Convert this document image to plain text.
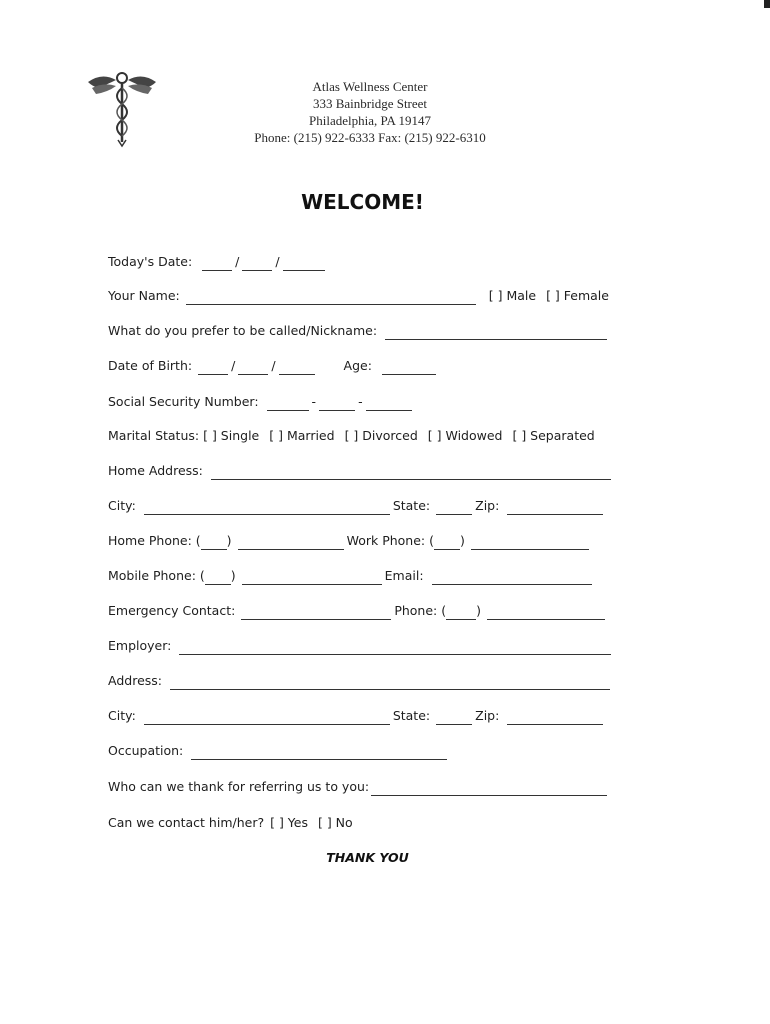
Atlas Wellness Center
333 Bainbridge Street
Philadelphia, PA 19147
Phone: (215) 922-6333 Fax: (215) 922-6310
WELCOME!
Today's Date:	/	/
Your Name:	[ ] Male [ ] Female
What do you prefer to be called/Nickname:
Date of Birth:	/	/	Age:
Social Security Number:	-	-
Marital Status: [ ] Single [ ] Married [ ] Divorced [ ] Widowed [ ] Separated
Home Address:
City:	State:	Zip:
Home Phone: ( )	Work Phone: ( )
Mobile Phone: ( )	Email:
Emergency Contact:	Phone: ( )
Employer:
Address:
City:	State:	Zip:
Occupation:
Who can we thank for referring us to you:
Can we contact him/her? [ ] Yes [ ] No
THANK YOU
